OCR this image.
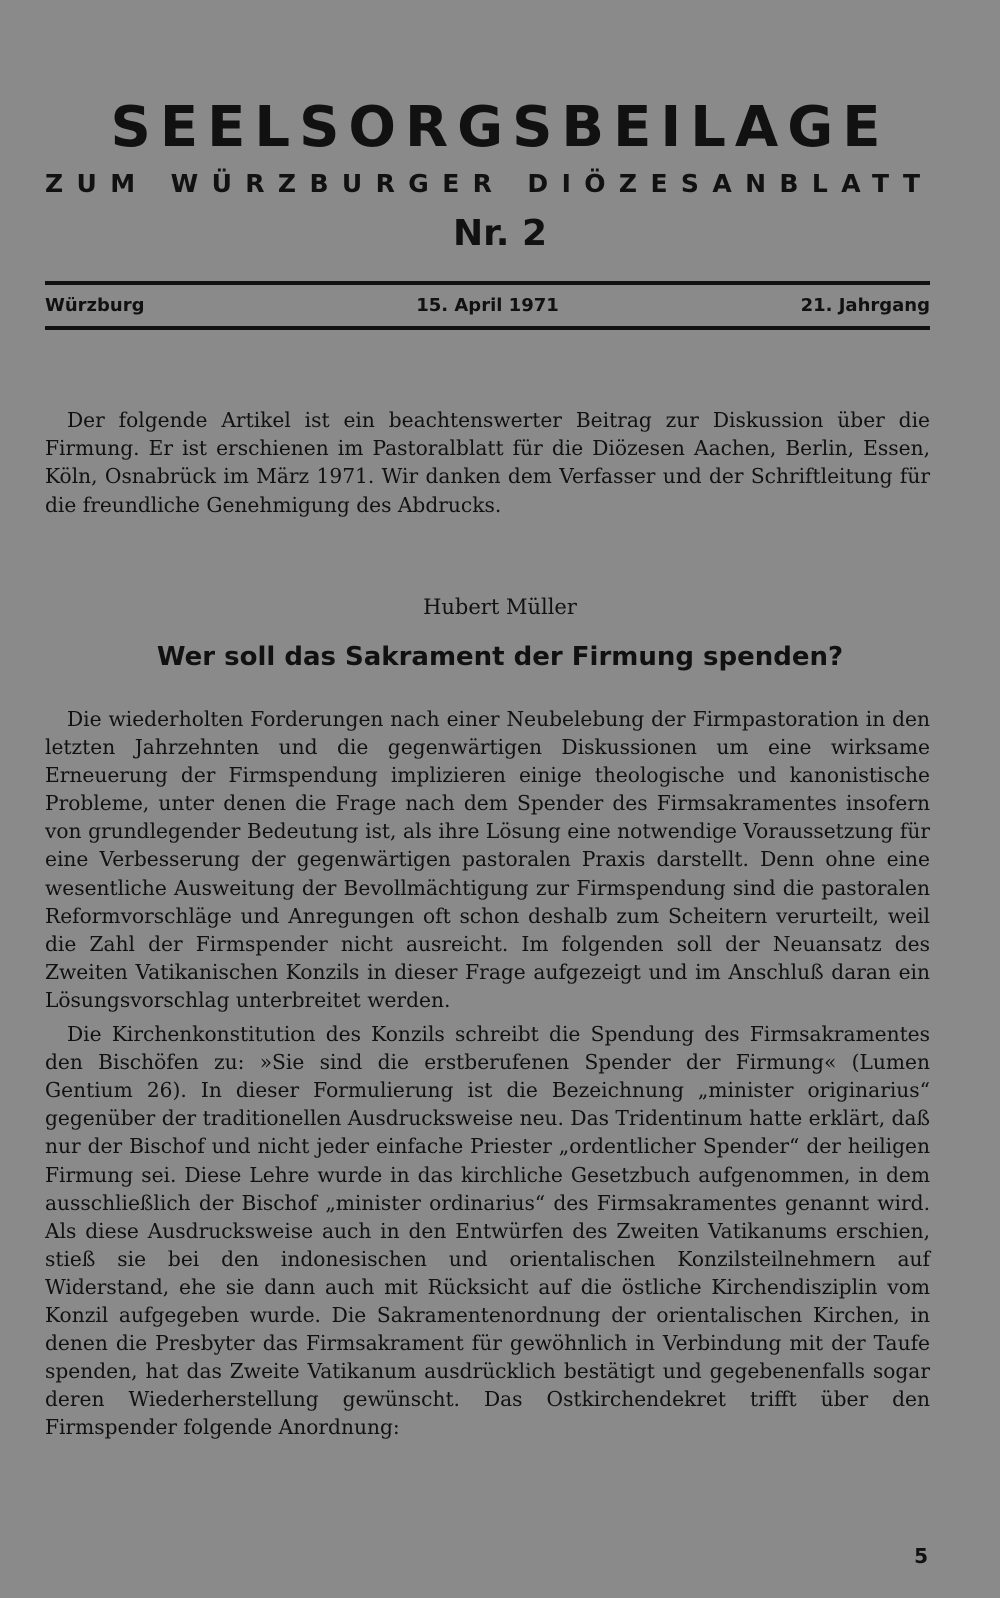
SEELSORGSBEILAGE
ZUM WÜRZBURGER DIÖZESANBLATT
Nr. 2
Würzburg	15. April 1971	21. Jahrgang

Der folgende Artikel ist ein beachtenswerter Beitrag zur Diskussion über die Firmung. Er ist erschienen im Pastoralblatt für die Diözesen Aachen, Berlin, Essen, Köln, Osnabrück im März 1971. Wir danken dem Verfasser und der Schriftleitung für die freundliche Genehmigung des Abdrucks.

Hubert Müller
Wer soll das Sakrament der Firmung spenden?

Die wiederholten Forderungen nach einer Neubelebung der Firmpastoration in den letzten Jahrzehnten und die gegenwärtigen Diskussionen um eine wirksame Erneuerung der Firmspendung implizieren einige theologische und kanonistische Probleme, unter denen die Frage nach dem Spender des Firmsakramentes insofern von grundlegender Bedeutung ist, als ihre Lösung eine notwendige Voraussetzung für eine Verbesserung der gegenwärtigen pastoralen Praxis darstellt. Denn ohne eine wesentliche Ausweitung der Bevollmächtigung zur Firmspendung sind die pastoralen Reformvorschläge und Anregungen oft schon deshalb zum Scheitern verurteilt, weil die Zahl der Firmspender nicht ausreicht. Im folgenden soll der Neuansatz des Zweiten Vatikanischen Konzils in dieser Frage aufgezeigt und im Anschluß daran ein Lösungsvorschlag unterbreitet werden.

Die Kirchenkonstitution des Konzils schreibt die Spendung des Firmsakramentes den Bischöfen zu: »Sie sind die erstberufenen Spender der Firmung« (Lumen Gentium 26). In dieser Formulierung ist die Bezeichnung „minister originarius“ gegenüber der traditionellen Ausdrucksweise neu. Das Tridentinum hatte erklärt, daß nur der Bischof und nicht jeder einfache Priester „ordentlicher Spender“ der heiligen Firmung sei. Diese Lehre wurde in das kirchliche Gesetzbuch aufgenommen, in dem ausschließlich der Bischof „minister ordinarius“ des Firmsakramentes genannt wird. Als diese Ausdrucksweise auch in den Entwürfen des Zweiten Vatikanums erschien, stieß sie bei den indonesischen und orientalischen Konzilsteilnehmern auf Widerstand, ehe sie dann auch mit Rücksicht auf die östliche Kirchendisziplin vom Konzil aufgegeben wurde. Die Sakramentenordnung der orientalischen Kirchen, in denen die Presbyter das Firmsakrament für gewöhnlich in Verbindung mit der Taufe spenden, hat das Zweite Vatikanum ausdrücklich bestätigt und gegebenenfalls sogar deren Wiederherstellung gewünscht. Das Ostkirchendekret trifft über den Firmspender folgende Anordnung:

5
